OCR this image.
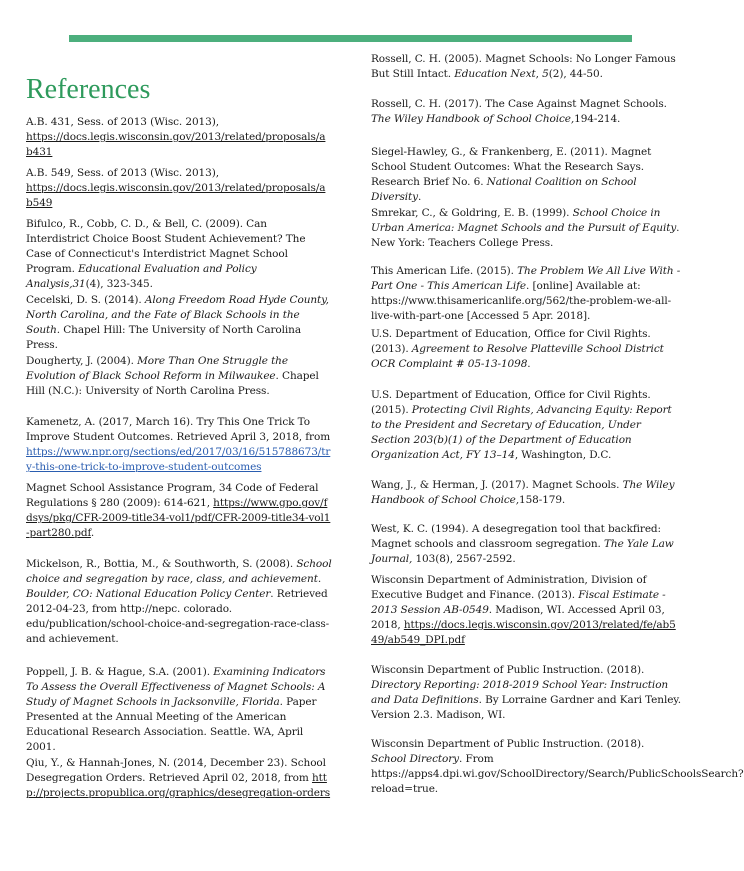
References

A.B. 431, Sess. of 2013 (Wisc. 2013),
https://docs.legis.wisconsin.gov/2013/related/proposals/ab431

A.B. 549, Sess. of 2013 (Wisc. 2013),
https://docs.legis.wisconsin.gov/2013/related/proposals/ab549

Bifulco, R., Cobb, C. D., & Bell, C. (2009). Can Interdistrict Choice Boost Student Achievement? The Case of Connecticut's Interdistrict Magnet School Program. Educational Evaluation and Policy Analysis,31(4), 323-345.

Cecelski, D. S. (2014). Along Freedom Road Hyde County, North Carolina, and the Fate of Black Schools in the South. Chapel Hill: The University of North Carolina Press.

Dougherty, J. (2004). More Than One Struggle the Evolution of Black School Reform in Milwaukee. Chapel Hill (N.C.): University of North Carolina Press.

Kamenetz, A. (2017, March 16). Try This One Trick To Improve Student Outcomes. Retrieved April 3, 2018, from https://www.npr.org/sections/ed/2017/03/16/515788673/try-this-one-trick-to-improve-student-outcomes

Magnet School Assistance Program, 34 Code of Federal Regulations § 280 (2009): 614-621, https://www.gpo.gov/fdsys/pkg/CFR-2009-title34-vol1/pdf/CFR-2009-title34-vol1-part280.pdf.

Mickelson, R., Bottia, M., & Southworth, S. (2008). School choice and segregation by race, class, and achievement. Boulder, CO: National Education Policy Center. Retrieved 2012-04-23, from http://nepc. colorado. edu/publication/school-choice-and-segregation-race-class-and achievement.

Poppell, J. B. & Hague, S.A. (2001). Examining Indicators To Assess the Overall Effectiveness of Magnet Schools: A Study of Magnet Schools in Jacksonville, Florida. Paper Presented at the Annual Meeting of the American Educational Research Association. Seattle. WA, April 2001.

Qiu, Y., & Hannah-Jones, N. (2014, December 23). School Desegregation Orders. Retrieved April 02, 2018, from http://projects.propublica.org/graphics/desegregation-orders

Rossell, C. H. (2005). Magnet Schools: No Longer Famous But Still Intact. Education Next, 5(2), 44-50.

Rossell, C. H. (2017). The Case Against Magnet Schools. The Wiley Handbook of School Choice,194-214.

Siegel-Hawley, G., & Frankenberg, E. (2011). Magnet School Student Outcomes: What the Research Says. Research Brief No. 6. National Coalition on School Diversity.

Smrekar, C., & Goldring, E. B. (1999). School Choice in Urban America: Magnet Schools and the Pursuit of Equity. New York: Teachers College Press.

This American Life. (2015). The Problem We All Live With - Part One - This American Life. [online] Available at: https://www.thisamericanlife.org/562/the-problem-we-all-live-with-part-one [Accessed 5 Apr. 2018].

U.S. Department of Education, Office for Civil Rights. (2013). Agreement to Resolve Platteville School District OCR Complaint # 05-13-1098.

U.S. Department of Education, Office for Civil Rights. (2015). Protecting Civil Rights, Advancing Equity: Report to the President and Secretary of Education, Under Section 203(b)(1) of the Department of Education Organization Act, FY 13–14, Washington, D.C.

Wang, J., & Herman, J. (2017). Magnet Schools. The Wiley Handbook of School Choice,158-179.

West, K. C. (1994). A desegregation tool that backfired: Magnet schools and classroom segregation. The Yale Law Journal, 103(8), 2567-2592.

Wisconsin Department of Administration, Division of Executive Budget and Finance. (2013). Fiscal Estimate - 2013 Session AB-0549. Madison, WI. Accessed April 03, 2018, https://docs.legis.wisconsin.gov/2013/related/fe/ab549/ab549_DPI.pdf

Wisconsin Department of Public Instruction. (2018). Directory Reporting: 2018-2019 School Year: Instruction and Data Definitions. By Lorraine Gardner and Kari Tenley. Version 2.3. Madison, WI.

Wisconsin Department of Public Instruction. (2018). School Directory. From https://apps4.dpi.wi.gov/SchoolDirectory/Search/PublicSchoolsSearch?reload=true.
